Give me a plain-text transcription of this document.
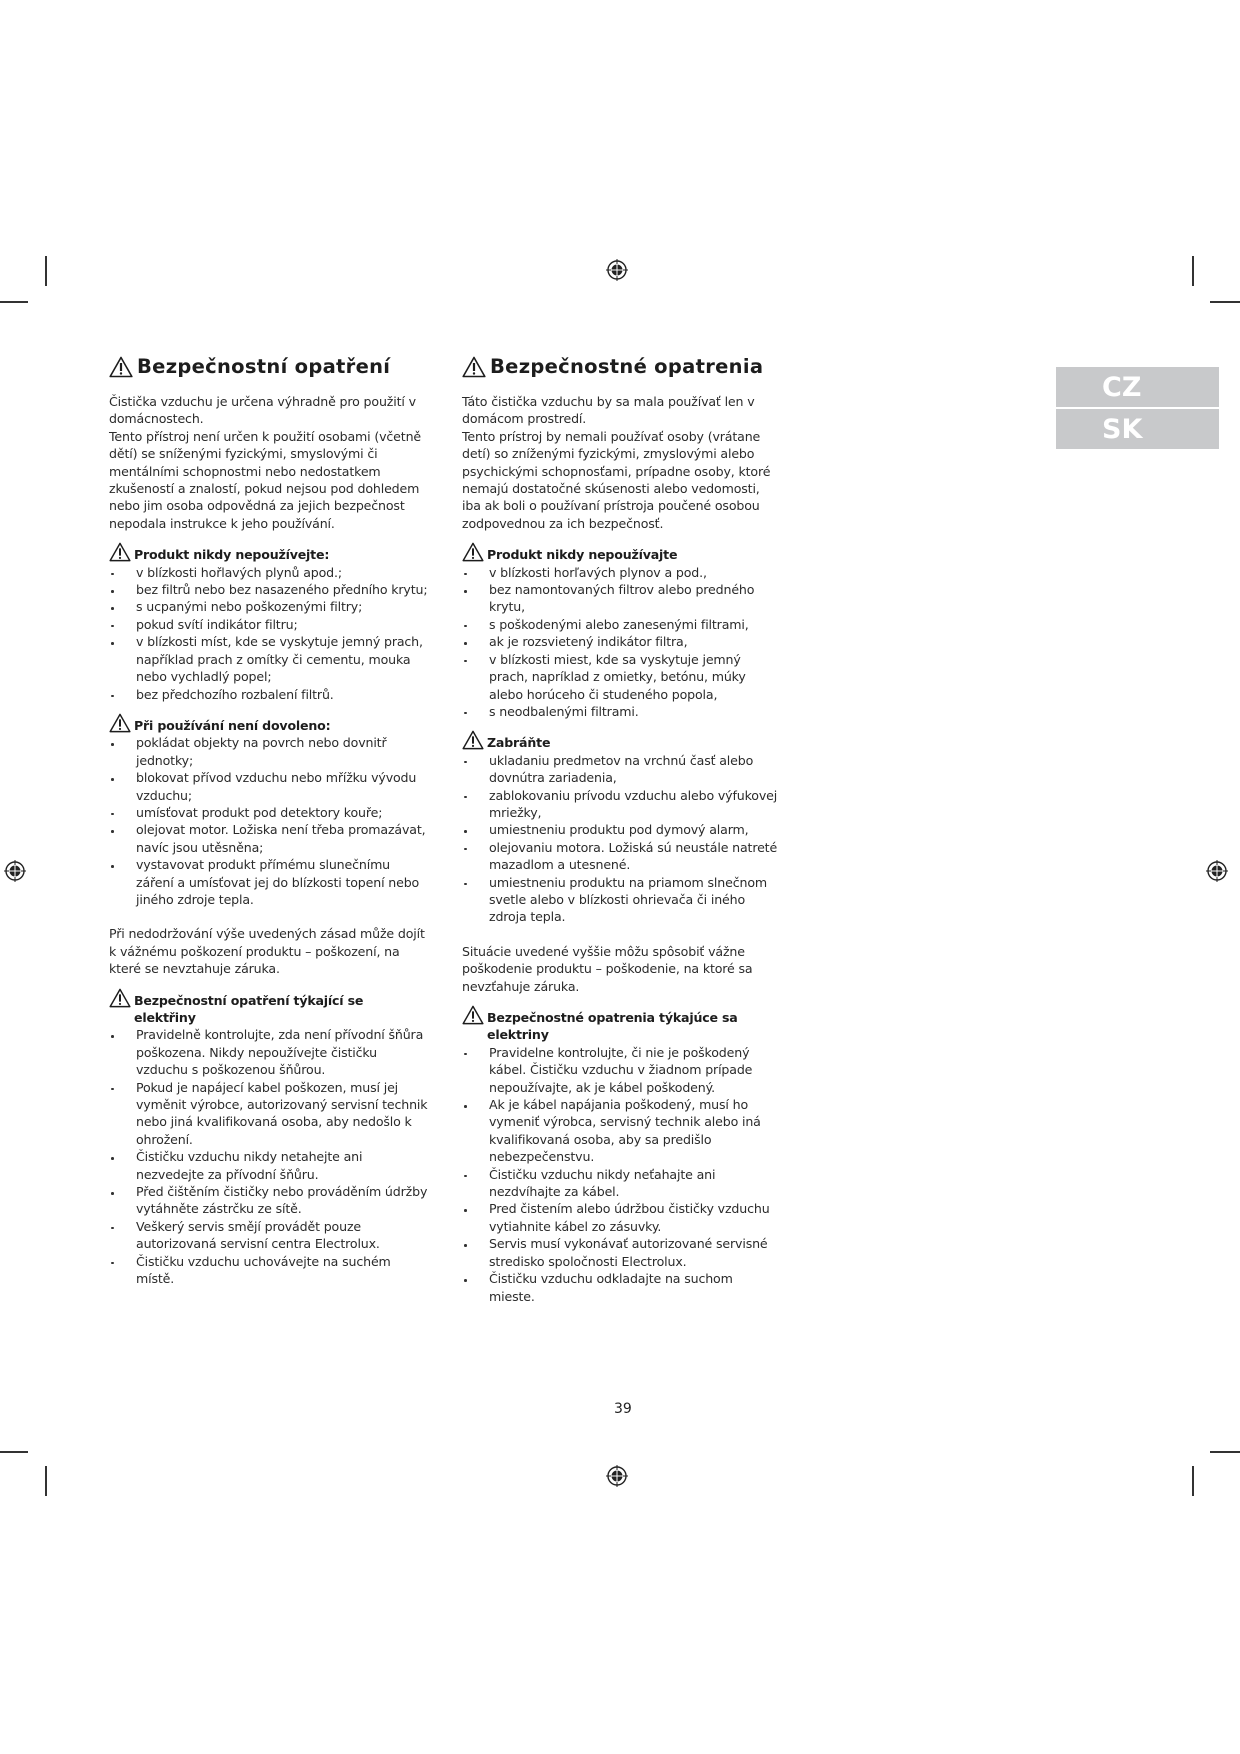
Bezpečnostní opatření

Čistička vzduchu je určena výhradně pro použití v domácnostech.

Tento přístroj není určen k použití osobami (včetně dětí) se sníženými fyzickými, smyslovými či mentálními schopnostmi nebo nedostatkem zkušeností a znalostí, pokud nejsou pod dohledem nebo jim osoba odpovědná za jejich bezpečnost nepodala instrukce k jeho používání.

Produkt nikdy nepoužívejte:
v blízkosti hořlavých plynů apod.;
bez filtrů nebo bez nasazeného předního krytu;
s ucpanými nebo poškozenými filtry;
pokud svítí indikátor filtru;
v blízkosti míst, kde se vyskytuje jemný prach, například prach z omítky či cementu, mouka nebo vychladlý popel;
bez předchozího rozbalení filtrů.
Při používání není dovoleno:
pokládat objekty na povrch nebo dovnitř jednotky;
blokovat přívod vzduchu nebo mřížku vývodu vzduchu;
umísťovat produkt pod detektory kouře;
olejovat motor. Ložiska není třeba promazávat, navíc jsou utěsněna;
vystavovat produkt přímému slunečnímu záření a umísťovat jej do blízkosti topení nebo jiného zdroje tepla.

Při nedodržování výše uvedených zásad může dojít k vážnému poškození produktu – poškození, na které se nevztahuje záruka.

Bezpečnostní opatření týkající se elektřiny
Pravidelně kontrolujte, zda není přívodní šňůra poškozena. Nikdy nepoužívejte čističku vzduchu s poškozenou šňůrou.
Pokud je napájecí kabel poškozen, musí jej vyměnit výrobce, autorizovaný servisní technik nebo jiná kvalifikovaná osoba, aby nedošlo k ohrožení.
Čističku vzduchu nikdy netahejte ani nezvedejte za přívodní šňůru.
Před čištěním čističky nebo prováděním údržby vytáhněte zástrčku ze sítě.
Veškerý servis smějí provádět pouze autorizovaná servisní centra Electrolux.
Čističku vzduchu uchovávejte na suchém místě.
Bezpečnostné opatrenia

Táto čistička vzduchu by sa mala používať len v domácom prostredí.

Tento prístroj by nemali používať osoby (vrátane detí) so zníženými fyzickými, zmyslovými alebo psychickými schopnosťami, prípadne osoby, ktoré nemajú dostatočné skúsenosti alebo vedomosti, iba ak boli o používaní prístroja poučené osobou zodpovednou za ich bezpečnosť.

Produkt nikdy nepoužívajte
v blízkosti horľavých plynov a pod.,
bez namontovaných filtrov alebo predného krytu,
s poškodenými alebo zanesenými filtrami,
ak je rozsvietený indikátor filtra,
v blízkosti miest, kde sa vyskytuje jemný prach, napríklad z omietky, betónu, múky alebo horúceho či studeného popola,
s neodbalenými filtrami.
Zabráňte
ukladaniu predmetov na vrchnú časť alebo dovnútra zariadenia,
zablokovaniu prívodu vzduchu alebo výfukovej mriežky,
umiestneniu produktu pod dymový alarm,
olejovaniu motora. Ložiská sú neustále natreté mazadlom a utesnené.
umiestneniu produktu na priamom slnečnom svetle alebo v blízkosti ohrievača či iného zdroja tepla.

Situácie uvedené vyššie môžu spôsobiť vážne poškodenie produktu – poškodenie, na ktoré sa nevzťahuje záruka.

Bezpečnostné opatrenia týkajúce sa elektriny
Pravidelne kontrolujte, či nie je poškodený kábel. Čističku vzduchu v žiadnom prípade nepoužívajte, ak je kábel poškodený.
Ak je kábel napájania poškodený, musí ho vymeniť výrobca, servisný technik alebo iná kvalifikovaná osoba, aby sa predišlo nebezpečenstvu.
Čističku vzduchu nikdy neťahajte ani nezdvíhajte za kábel.
Pred čistením alebo údržbou čističky vzduchu vytiahnite kábel zo zásuvky.
Servis musí vykonávať autorizované servisné stredisko spoločnosti Electrolux.
Čističku vzduchu odkladajte na suchom mieste.
CZ
SK
39
